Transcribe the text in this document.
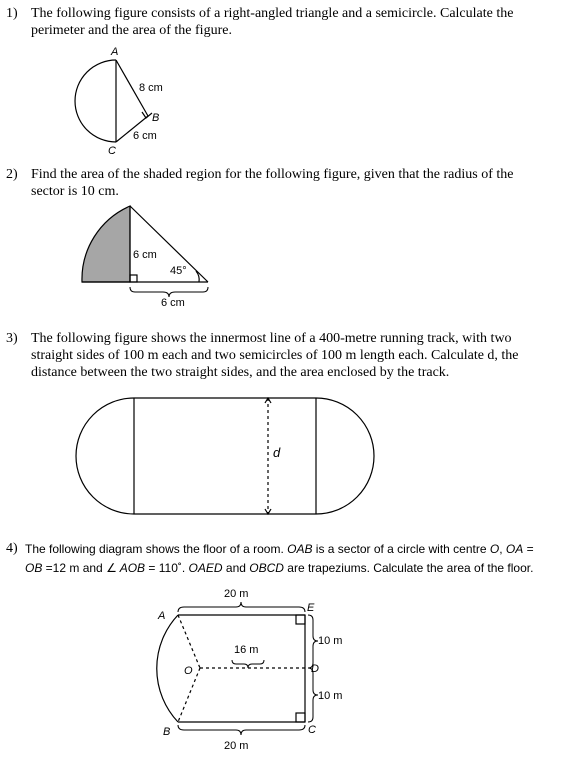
1) The following figure consists of a right-angled triangle and a semicircle. Calculate the
perimeter and the area of the figure.
2) Find the area of the shaded region for the following figure, given that the radius of the
sector is 10 cm.
3) The following figure shows the innermost line of a 400-metre running track, with two
straight sides of 100 m each and two semicircles of 100 m length each. Calculate d, the
distance between the two straight sides, and the area enclosed by the track.
4) The following diagram shows the floor of a room. OAB is a sector of a circle with centre O, OA =
OB =12 m and ∠ AOB = 110˚. OAED and OBCD are trapeziums. Calculate the area of the floor.
A
B
C
8 cm
6 cm
6 cm
45°
6 cm
d
20 m
20 m
16 m
10 m
10 m
A
B
O
E
D
C
